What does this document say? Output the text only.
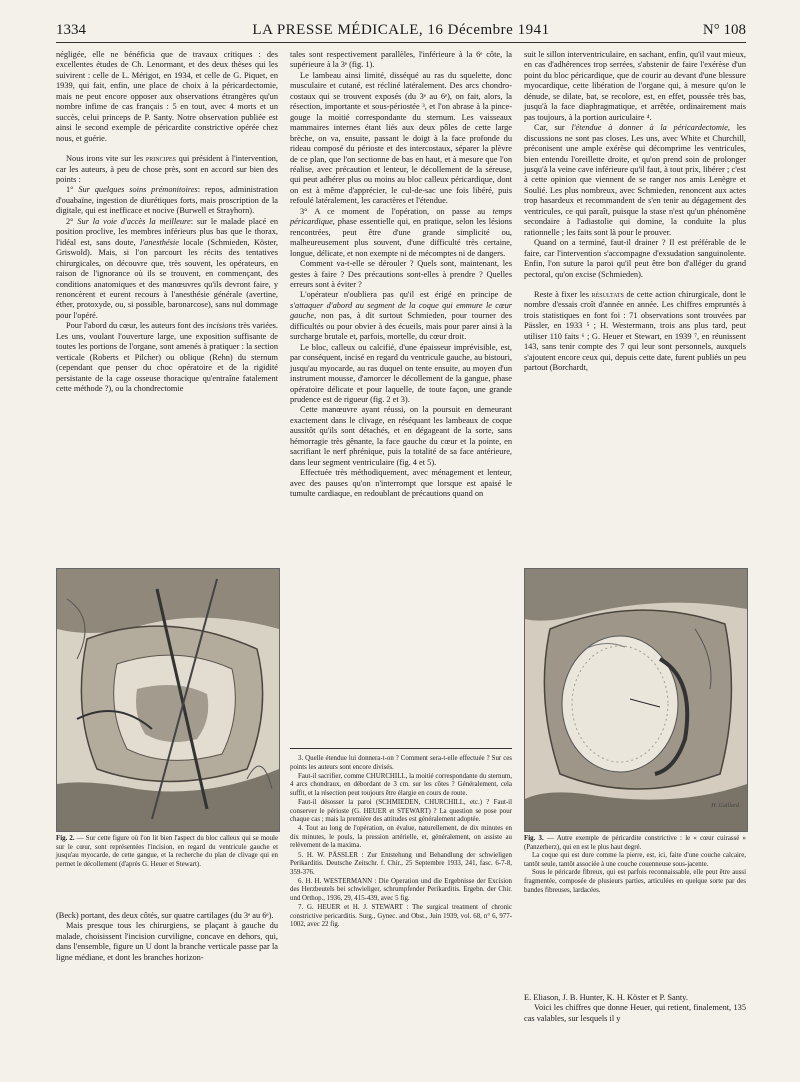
1334	LA PRESSE MÉDICALE, 16 Décembre 1941	N° 108

négligée, elle ne bénéficia que de travaux critiques : des excellentes études de Ch. Lenormant, et des deux thèses qui les suivirent : celle de L. Mérigot, en 1934, et celle de G. Piquet, en 1939, qui fait, enfin, une place de choix à la péricardectomie, mais ne peut encore opposer aux observations étrangères qu'un nombre infime de cas français : 5 en tout, avec 4 morts et un succès, celui princeps de P. Santy. Notre observation publiée est ainsi le second exemple de péricardite constrictive opérée chez nous, et guérie.

Nous irons vite sur les principes qui président à l'intervention, car les auteurs, à peu de chose près, sont en accord sur bien des points :

1° Sur quelques soins prémonitoires: repos, administration d'ouabaïne, ingestion de diurétiques forts, mais proscription de la digitale, qui est inefficace et nocive (Burwell et Strayhorn).

2° Sur la voie d'accès la meilleure: sur le malade placé en position proclive, les membres inférieurs plus bas que le thorax, l'idéal est, sans doute, l'anesthésie locale (Schmieden, Köster, Griswold). Mais, si l'on parcourt les récits des tentatives chirurgicales, on découvre que, très souvent, les opérateurs, en raison de l'ignorance où ils se trouvent, en commençant, des conditions anatomiques et des manœuvres qu'ils devront faire, y renoncèrent et eurent recours à l'anesthésie générale (avertine, éther, protoxyde, ou, si possible, baronarcose), sans nul dommage pour l'opéré.

Pour l'abord du cœur, les auteurs font des incisions très variées. Les uns, voulant l'ouverture large, une exposition suffisante de toutes les portions de l'organe, sont amenés à pratiquer : la section verticale (Roberts et Pilcher) ou oblique (Rehn) du sternum (cependant que penser du choc opératoire et de la rigidité persistante de la cage osseuse thoracique qu'entraîne fatalement cette méthode ?), ou la chondrectomie

Fig. 2. — Sur cette figure où l'on lit bien l'aspect du bloc calleux qui se moule sur le cœur, sont représentées l'incision, en regard du ventricule gauche et jusqu'au myocarde, de cette gangue, et la recherche du plan de clivage qui en permet le décollement (d'après G. Heuer et Stewart).

(Beck) portant, des deux côtés, sur quatre cartilages (du 3ᵉ au 6ᵉ).

Mais presque tous les chirurgiens, se plaçant à gauche du malade, choisissent l'incision curviligne, concave en dehors, qui, dans l'ensemble, figure un U dont la branche verticale passe par la ligne médiane, et dont les branches horizon-

tales sont respectivement parallèles, l'inférieure à la 6ᵉ côte, la supérieure à la 3ᵉ (fig. 1).

Le lambeau ainsi limité, disséqué au ras du squelette, donc musculaire et cutané, est récliné latéralement. Des arcs chondro-costaux qui se trouvent exposés (du 3ᵉ au 6ᵉ), on fait, alors, la résection, importante et sous-périostée ³, et l'on abrase à la pince-gouge la moitié correspondante du sternum. Les vaisseaux mammaires internes étant liés aux deux pôles de cette large brèche, on va, ensuite, passant le doigt à la face profonde du rideau composé du périoste et des intercostaux, séparer la plèvre de ce plan, que l'on sectionne de bas en haut, et à mesure que l'on réalise, avec précaution et lenteur, le décollement de la séreuse, qui peut adhérer plus ou moins au bloc calleux péricardique, dont on est à même d'apprécier, le cul-de-sac une fois libéré, puis refoulé latéralement, les caractères et l'étendue.

3° A ce moment de l'opération, on passe au temps péricardique, phase essentielle qui, en pratique, selon les lésions rencontrées, peut être d'une grande simplicité ou, malheureusement plus souvent, d'une difficulté très certaine, longue, délicate, et non exempte ni de mécomptes ni de dangers.

Comment va-t-elle se dérouler ? Quels sont, maintenant, les gestes à faire ? Des précautions sont-elles à prendre ? Quelles erreurs sont à éviter ?

L'opérateur n'oubliera pas qu'il est érigé en principe de s'attaquer d'abord au segment de la coque qui emmure le cœur gauche, non pas, à dit surtout Schmieden, pour tourner des difficultés ou pour obvier à des écueils, mais pour parer ainsi à la surcharge brutale et, parfois, mortelle, du cœur droit.

Le bloc, calleux ou calcifié, d'une épaisseur imprévisible, est, par conséquent, incisé en regard du ventricule gauche, au bistouri, jusqu'au myocarde, au ras duquel on tente ensuite, au moyen d'un instrument mousse, d'amorcer le décollement de la gangue, phase opératoire délicate et pour laquelle, de toute façon, une grande prudence est de rigueur (fig. 2 et 3).

Cette manœuvre ayant réussi, on la poursuit en demeurant exactement dans le clivage, en réséquant les lambeaux de coque aussitôt qu'ils sont détachés, et en dégageant de la sorte, sans hémorragie très gênante, la face gauche du cœur et la pointe, en sacrifiant le nerf phrénique, puis la totalité de sa face antérieure, dans leur segment ventriculaire (fig. 4 et 5).

Effectuée très méthodiquement, avec ménagement et lenteur, avec des pauses qu'on n'interrompt que lorsque est apaisé le tumulte cardiaque, en redoublant de précautions quand on

3. Quelle étendue lui donnera-t-on ? Comment sera-t-elle effectuée ? Sur ces points les auteurs sont encore divisés.

Faut-il sacrifier, comme CHURCHILL, la moitié correspondante du sternum, 4 arcs chondraux, en débordant de 3 cm. sur les côtes ? Généralement, cela suffit, et la résection peut toujours être élargie en cours de route.

Faut-il désosser la paroi (SCHMIEDEN, CHURCHILL, etc.) ? Faut-il conserver le périoste (G. HEUER et STEWART) ? La question se pose pour chaque cas ; mais la première des attitudes est généralement adoptée.

4. Tout au long de l'opération, on évalue, naturellement, de dix minutes en dix minutes, le pouls, la pression artérielle, et, généralement, on assiste au relèvement de la maxima.

5. H. W. PÄSSLER : Zur Entstehung und Behandlung der schwieligen Perikarditis. Deutsche Zeitschr. f. Chir., 25 Septembre 1933, 241, fasc. 6-7-8, 359-376.

6. H. H. WESTERMANN : Die Operation und die Ergebnisse der Excision des Herzbeutels bei schwieliger, schrumpfender Perikarditis. Ergebn. der Chir. und Orthop., 1936, 29, 415-439, avec 5 fig.

7. G. HEUER et H. J. STEWART : The surgical treatment of chronic constrictive pericarditis. Surg., Gynec. and Obst., Juin 1939, vol. 68, n° 6, 977-1002, avec 22 fig.

suit le sillon interventriculaire, en sachant, enfin, qu'il vaut mieux, en cas d'adhérences trop serrées, s'abstenir de faire l'exérèse d'un point du bloc péricardique, que de courir au devant d'une blessure myocardique, cette libération de l'organe qui, à mesure qu'on le dénude, se dilate, bat, se recolore, est, en effet, poussée très bas, jusqu'à la face diaphragmatique, et arrêtée, ordinairement mais pas toujours, à la portion auriculaire ⁴.

Car, sur l'étendue à donner à la péricardectomie, les discussions ne sont pas closes. Les uns, avec White et Churchill, préconisent une ample exérèse qui décomprime les ventricules, bien entendu l'oreillette droite, et qu'on prend soin de prolonger jusqu'à la veine cave inférieure qu'il faut, à tout prix, libérer ; c'est à cette opinion que viennent de se ranger nos amis Lenègre et Soulié. Les plus nombreux, avec Schmieden, renoncent aux actes trop hasardeux et recommandent de s'en tenir au dégagement des ventricules, ce qui paraît, puisque la stase n'est qu'un phénomène secondaire à l'adiastolie qui domine, la conduite la plus rationnelle ; les faits sont là pour le prouver.

Quand on a terminé, faut-il drainer ? Il est préférable de le faire, car l'intervention s'accompagne d'exsudation sanguinolente. Enfin, l'on suture la paroi qu'il peut être bon d'alléger du grand pectoral, qu'on excise (Schmieden).

Reste à fixer les résultats de cette action chirurgicale, dont le nombre d'essais croît d'année en année. Les chiffres empruntés à trois statistiques en font foi : 71 observations sont trouvées par Pässler, en 1933 ⁵ ; H. Westermann, trois ans plus tard, peut utiliser 110 faits ⁶ ; G. Heuer et Stewart, en 1939 ⁷, en réunissent 143, sans tenir compte des 7 qui leur sont personnels, auxquels s'ajoutent encore ceux qui, depuis cette date, furent publiés un peu partout (Borchardt,

H. Gaillard

Fig. 3. — Autre exemple de péricardite constrictive : le « cœur cuirassé » (Panzerherz), qui en est le plus haut degré.

La coque qui est dure comme la pierre, est, ici, faite d'une couche calcaire, tantôt seule, tantôt associée à une couche couenneuse sous-jacente.

Sous le péricarde fibreux, qui est parfois reconnaissable, elle peut être aussi fragmentée, composée de plusieurs parties, articulées en quelque sorte par des bandes fibreuses, lardacées.

E. Eliason, J. B. Hunter, K. H. Köster et P. Santy.

Voici les chiffres que donne Heuer, qui retient, finalement, 135 cas valables, sur lesquels il y
